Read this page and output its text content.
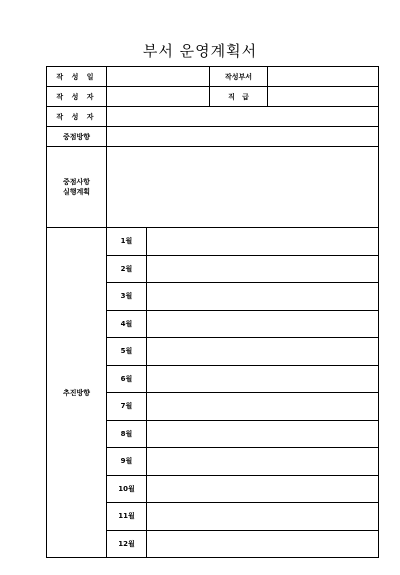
부서 운영계획서
작 성 일			작성부서	
작 성 자			직   급	
작 성 자				
중점방향				

중점사항
실행계획				

추진방향	1월			
	2월			
	3월			
	4월			
	5월			
	6월			
	7월			
	8월			
	9월			
	10월			
	11월			
	12월			
